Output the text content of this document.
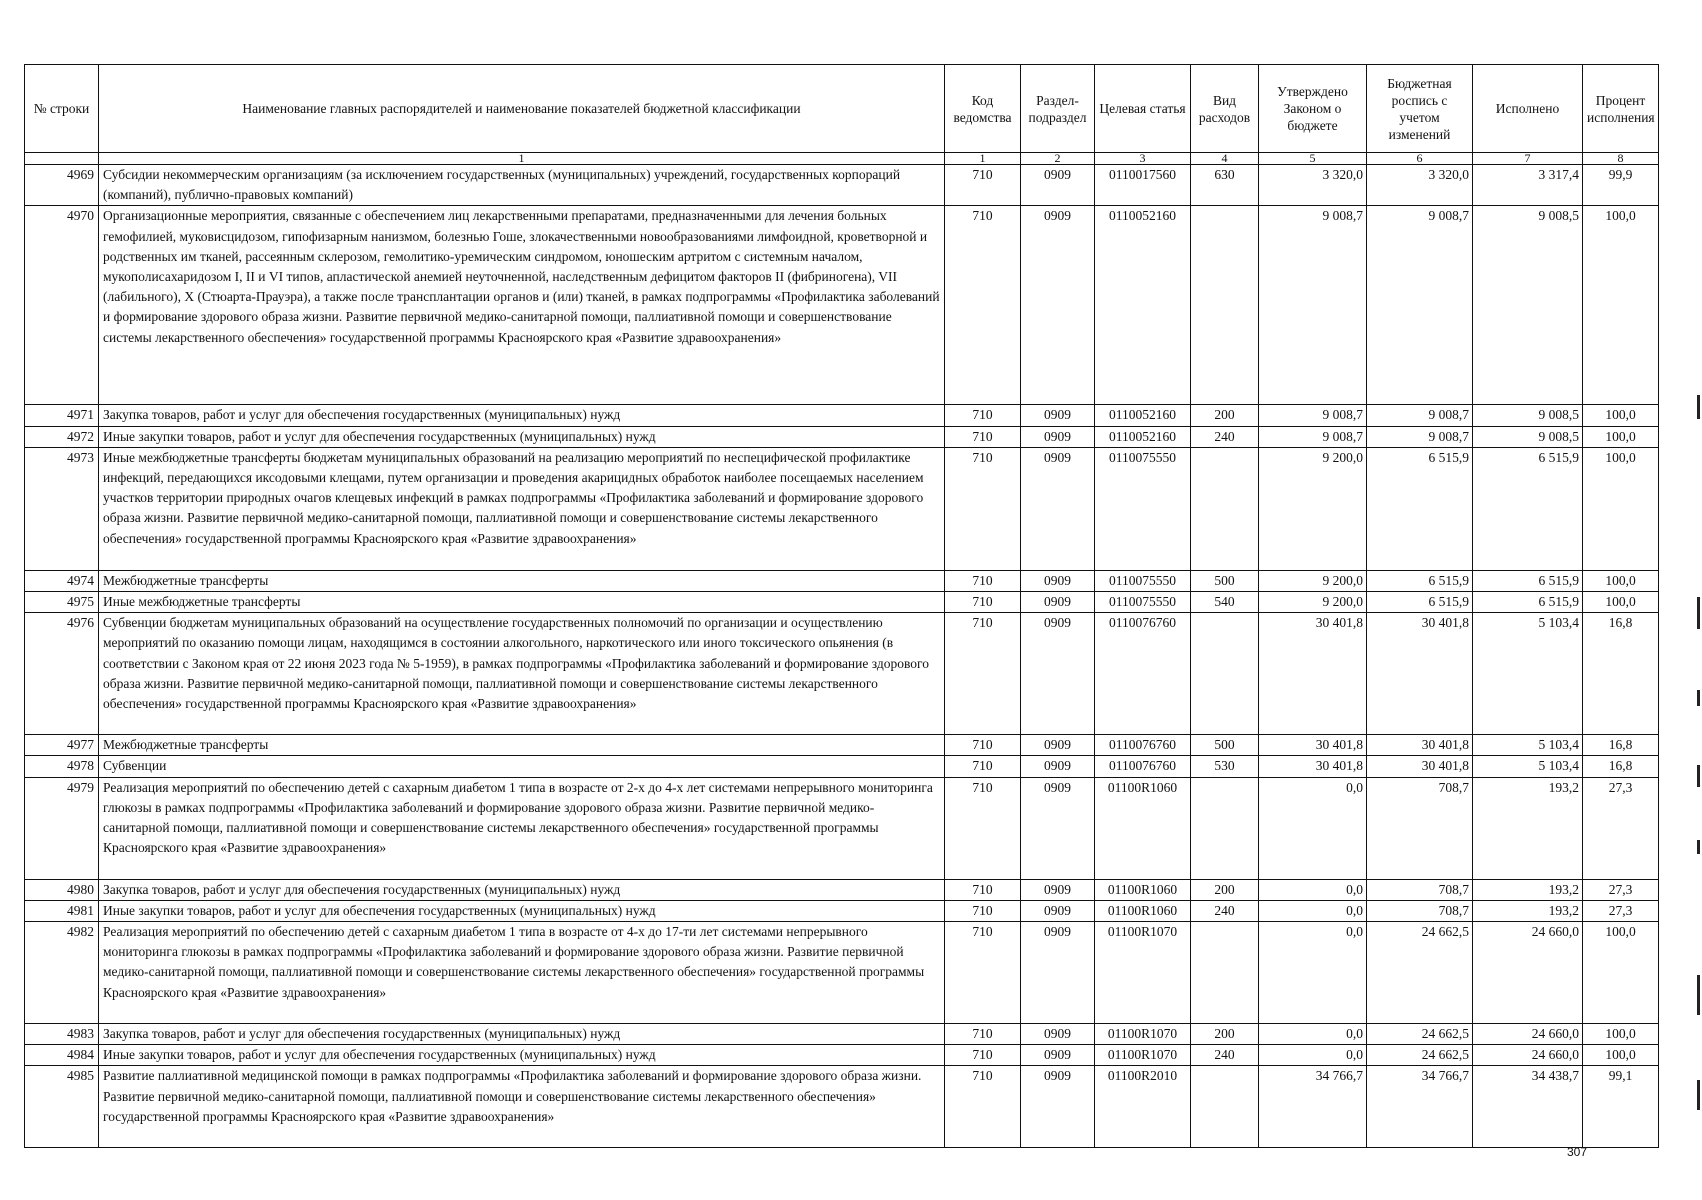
№ строки	Наименование главных распорядителей и наименование показателей бюджетной классификации	Код ведомства	Раздел-подраздел	Целевая статья	Вид расходов	Утверждено Законом о бюджете	Бюджетная роспись с учетом изменений	Исполнено	Процент исполнения
	1	1	2	3	4	5	6	7	8
4969	Субсидии некоммерческим организациям (за исключением государственных (муниципальных) учреждений, государственных корпораций (компаний), публично-правовых компаний)	710	0909	0110017560	630	3 320,0	3 320,0	3 317,4	99,9
4970	Организационные мероприятия, связанные с обеспечением лиц лекарственными препаратами, предназначенными для лечения больных гемофилией, муковисцидозом, гипофизарным нанизмом, болезнью Гоше, злокачественными новообразованиями лимфоидной, кроветворной и родственных им тканей, рассеянным склерозом, гемолитико-уремическим синдромом, юношеским артритом с системным началом, мукополисахаридозом I, II и VI типов, апластической анемией неуточненной, наследственным дефицитом факторов II (фибриногена), VII (лабильного), X (Стюарта-Прауэра), а также после трансплантации органов и (или) тканей, в рамках подпрограммы «Профилактика заболеваний и формирование здорового образа жизни. Развитие первичной медико-санитарной помощи, паллиативной помощи и совершенствование системы лекарственного обеспечения» государственной программы Красноярского края «Развитие здравоохранения»	710	0909	0110052160		9 008,7	9 008,7	9 008,5	100,0
4971	Закупка товаров, работ и услуг для обеспечения государственных (муниципальных) нужд	710	0909	0110052160	200	9 008,7	9 008,7	9 008,5	100,0
4972	Иные закупки товаров, работ и услуг для обеспечения государственных (муниципальных) нужд	710	0909	0110052160	240	9 008,7	9 008,7	9 008,5	100,0
4973	Иные межбюджетные трансферты бюджетам муниципальных образований на реализацию мероприятий по неспецифической профилактике инфекций, передающихся иксодовыми клещами, путем организации и проведения акарицидных обработок наиболее посещаемых населением участков территории природных очагов клещевых инфекций в рамках подпрограммы «Профилактика заболеваний и формирование здорового образа жизни. Развитие первичной медико-санитарной помощи, паллиативной помощи и совершенствование системы лекарственного обеспечения» государственной программы Красноярского края «Развитие здравоохранения»	710	0909	0110075550		9 200,0	6 515,9	6 515,9	100,0
4974	Межбюджетные трансферты	710	0909	0110075550	500	9 200,0	6 515,9	6 515,9	100,0
4975	Иные межбюджетные трансферты	710	0909	0110075550	540	9 200,0	6 515,9	6 515,9	100,0
4976	Субвенции бюджетам муниципальных образований на осуществление государственных полномочий по организации и осуществлению мероприятий по оказанию помощи лицам, находящимся в состоянии алкогольного, наркотического или иного токсического опьянения (в соответствии с Законом края от 22 июня 2023 года № 5-1959), в рамках подпрограммы «Профилактика заболеваний и формирование здорового образа жизни. Развитие первичной медико-санитарной помощи, паллиативной помощи и совершенствование системы лекарственного обеспечения» государственной программы Красноярского края «Развитие здравоохранения»	710	0909	0110076760		30 401,8	30 401,8	5 103,4	16,8
4977	Межбюджетные трансферты	710	0909	0110076760	500	30 401,8	30 401,8	5 103,4	16,8
4978	Субвенции	710	0909	0110076760	530	30 401,8	30 401,8	5 103,4	16,8
4979	Реализация мероприятий по обеспечению детей с сахарным диабетом 1 типа в возрасте от 2-х до 4-х лет системами непрерывного мониторинга глюкозы в рамках подпрограммы «Профилактика заболеваний и формирование здорового образа жизни. Развитие первичной медико-санитарной помощи, паллиативной помощи и совершенствование системы лекарственного обеспечения» государственной программы Красноярского края «Развитие здравоохранения»	710	0909	01100R1060		0,0	708,7	193,2	27,3
4980	Закупка товаров, работ и услуг для обеспечения государственных (муниципальных) нужд	710	0909	01100R1060	200	0,0	708,7	193,2	27,3
4981	Иные закупки товаров, работ и услуг для обеспечения государственных (муниципальных) нужд	710	0909	01100R1060	240	0,0	708,7	193,2	27,3
4982	Реализация мероприятий по обеспечению детей с сахарным диабетом 1 типа в возрасте от 4-х до 17-ти лет системами непрерывного мониторинга глюкозы в рамках подпрограммы «Профилактика заболеваний и формирование здорового образа жизни. Развитие первичной медико-санитарной помощи, паллиативной помощи и совершенствование системы лекарственного обеспечения» государственной программы Красноярского края «Развитие здравоохранения»	710	0909	01100R1070		0,0	24 662,5	24 660,0	100,0
4983	Закупка товаров, работ и услуг для обеспечения государственных (муниципальных) нужд	710	0909	01100R1070	200	0,0	24 662,5	24 660,0	100,0
4984	Иные закупки товаров, работ и услуг для обеспечения государственных (муниципальных) нужд	710	0909	01100R1070	240	0,0	24 662,5	24 660,0	100,0
4985	Развитие паллиативной медицинской помощи в рамках подпрограммы «Профилактика заболеваний и формирование здорового образа жизни. Развитие первичной медико-санитарной помощи, паллиативной помощи и совершенствование системы лекарственного обеспечения» государственной программы Красноярского края «Развитие здравоохранения»	710	0909	01100R2010		34 766,7	34 766,7	34 438,7	99,1
307
